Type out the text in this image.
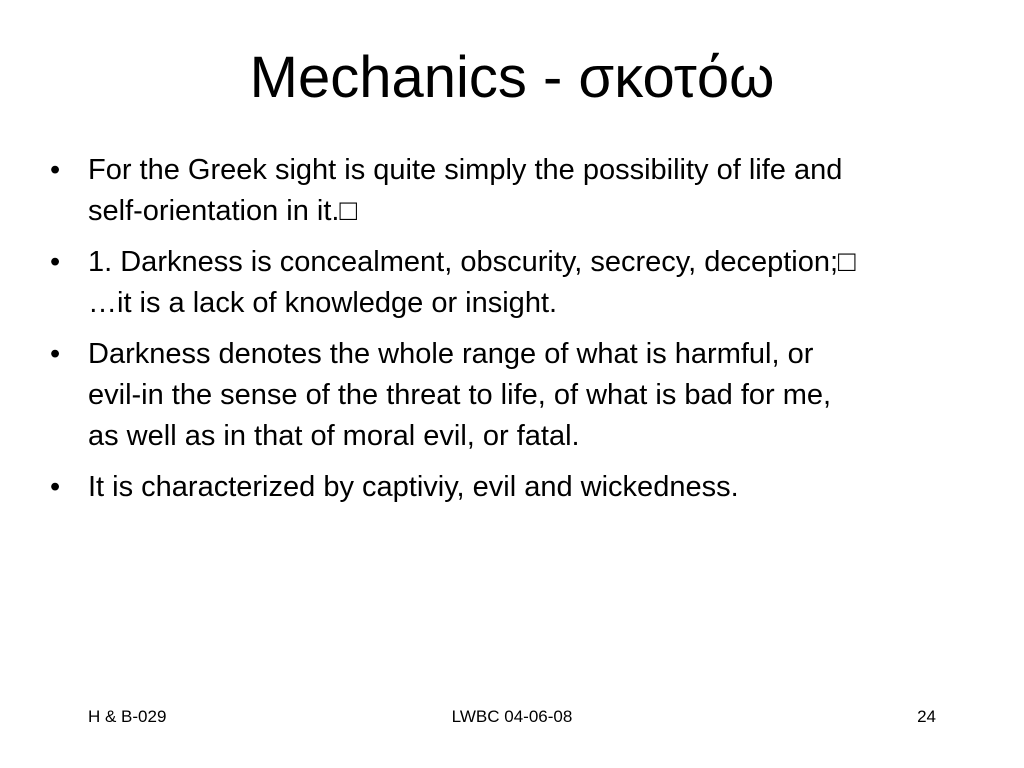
Mechanics - σκοτόω
• For the Greek sight is quite simply the possibility of life and
self-orientation in it.□
• 1. Darkness is concealment, obscurity, secrecy, deception;□
…it is a lack of knowledge or insight.
• Darkness denotes the whole range of what is harmful, or
evil-in the sense of the threat to life, of what is bad for me,
as well as in that of moral evil, or fatal.
• It is characterized by captiviy, evil and wickedness.
H & B-029	LWBC 04-06-08	24
